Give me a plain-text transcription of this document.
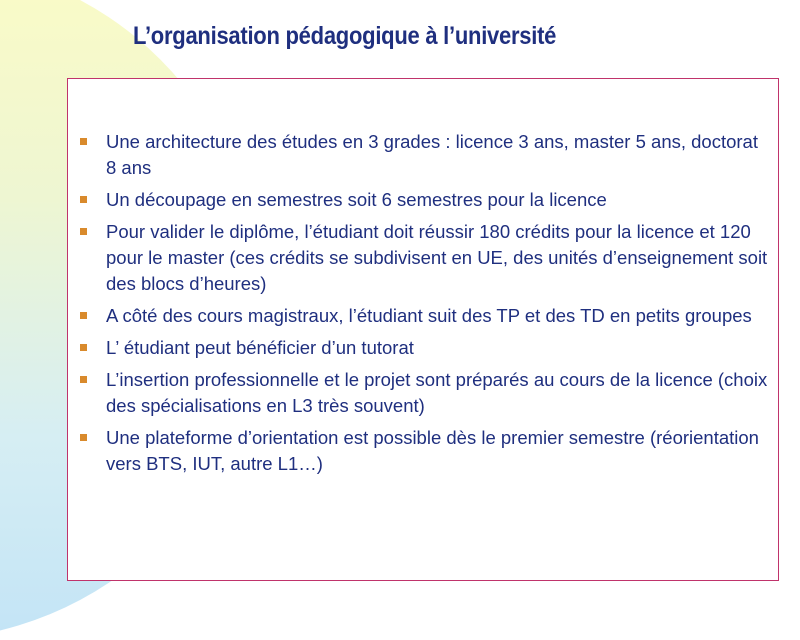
L’organisation pédagogique à l’université
Une architecture des études en 3 grades : licence 3 ans, master 5 ans, doctorat 8 ans
Un découpage en semestres soit 6 semestres pour la licence
Pour valider le diplôme, l’étudiant doit réussir 180 crédits pour la licence et 120 pour le master (ces crédits se subdivisent en UE, des unités d’enseignement soit des blocs d’heures)
A côté des cours magistraux, l’étudiant suit des TP et des TD en petits groupes
L’ étudiant peut bénéficier d’un tutorat
L’insertion professionnelle et le projet sont préparés au cours de la licence (choix des spécialisations en L3 très souvent)
Une plateforme d’orientation est possible dès le premier semestre (réorientation vers BTS, IUT, autre L1…)
